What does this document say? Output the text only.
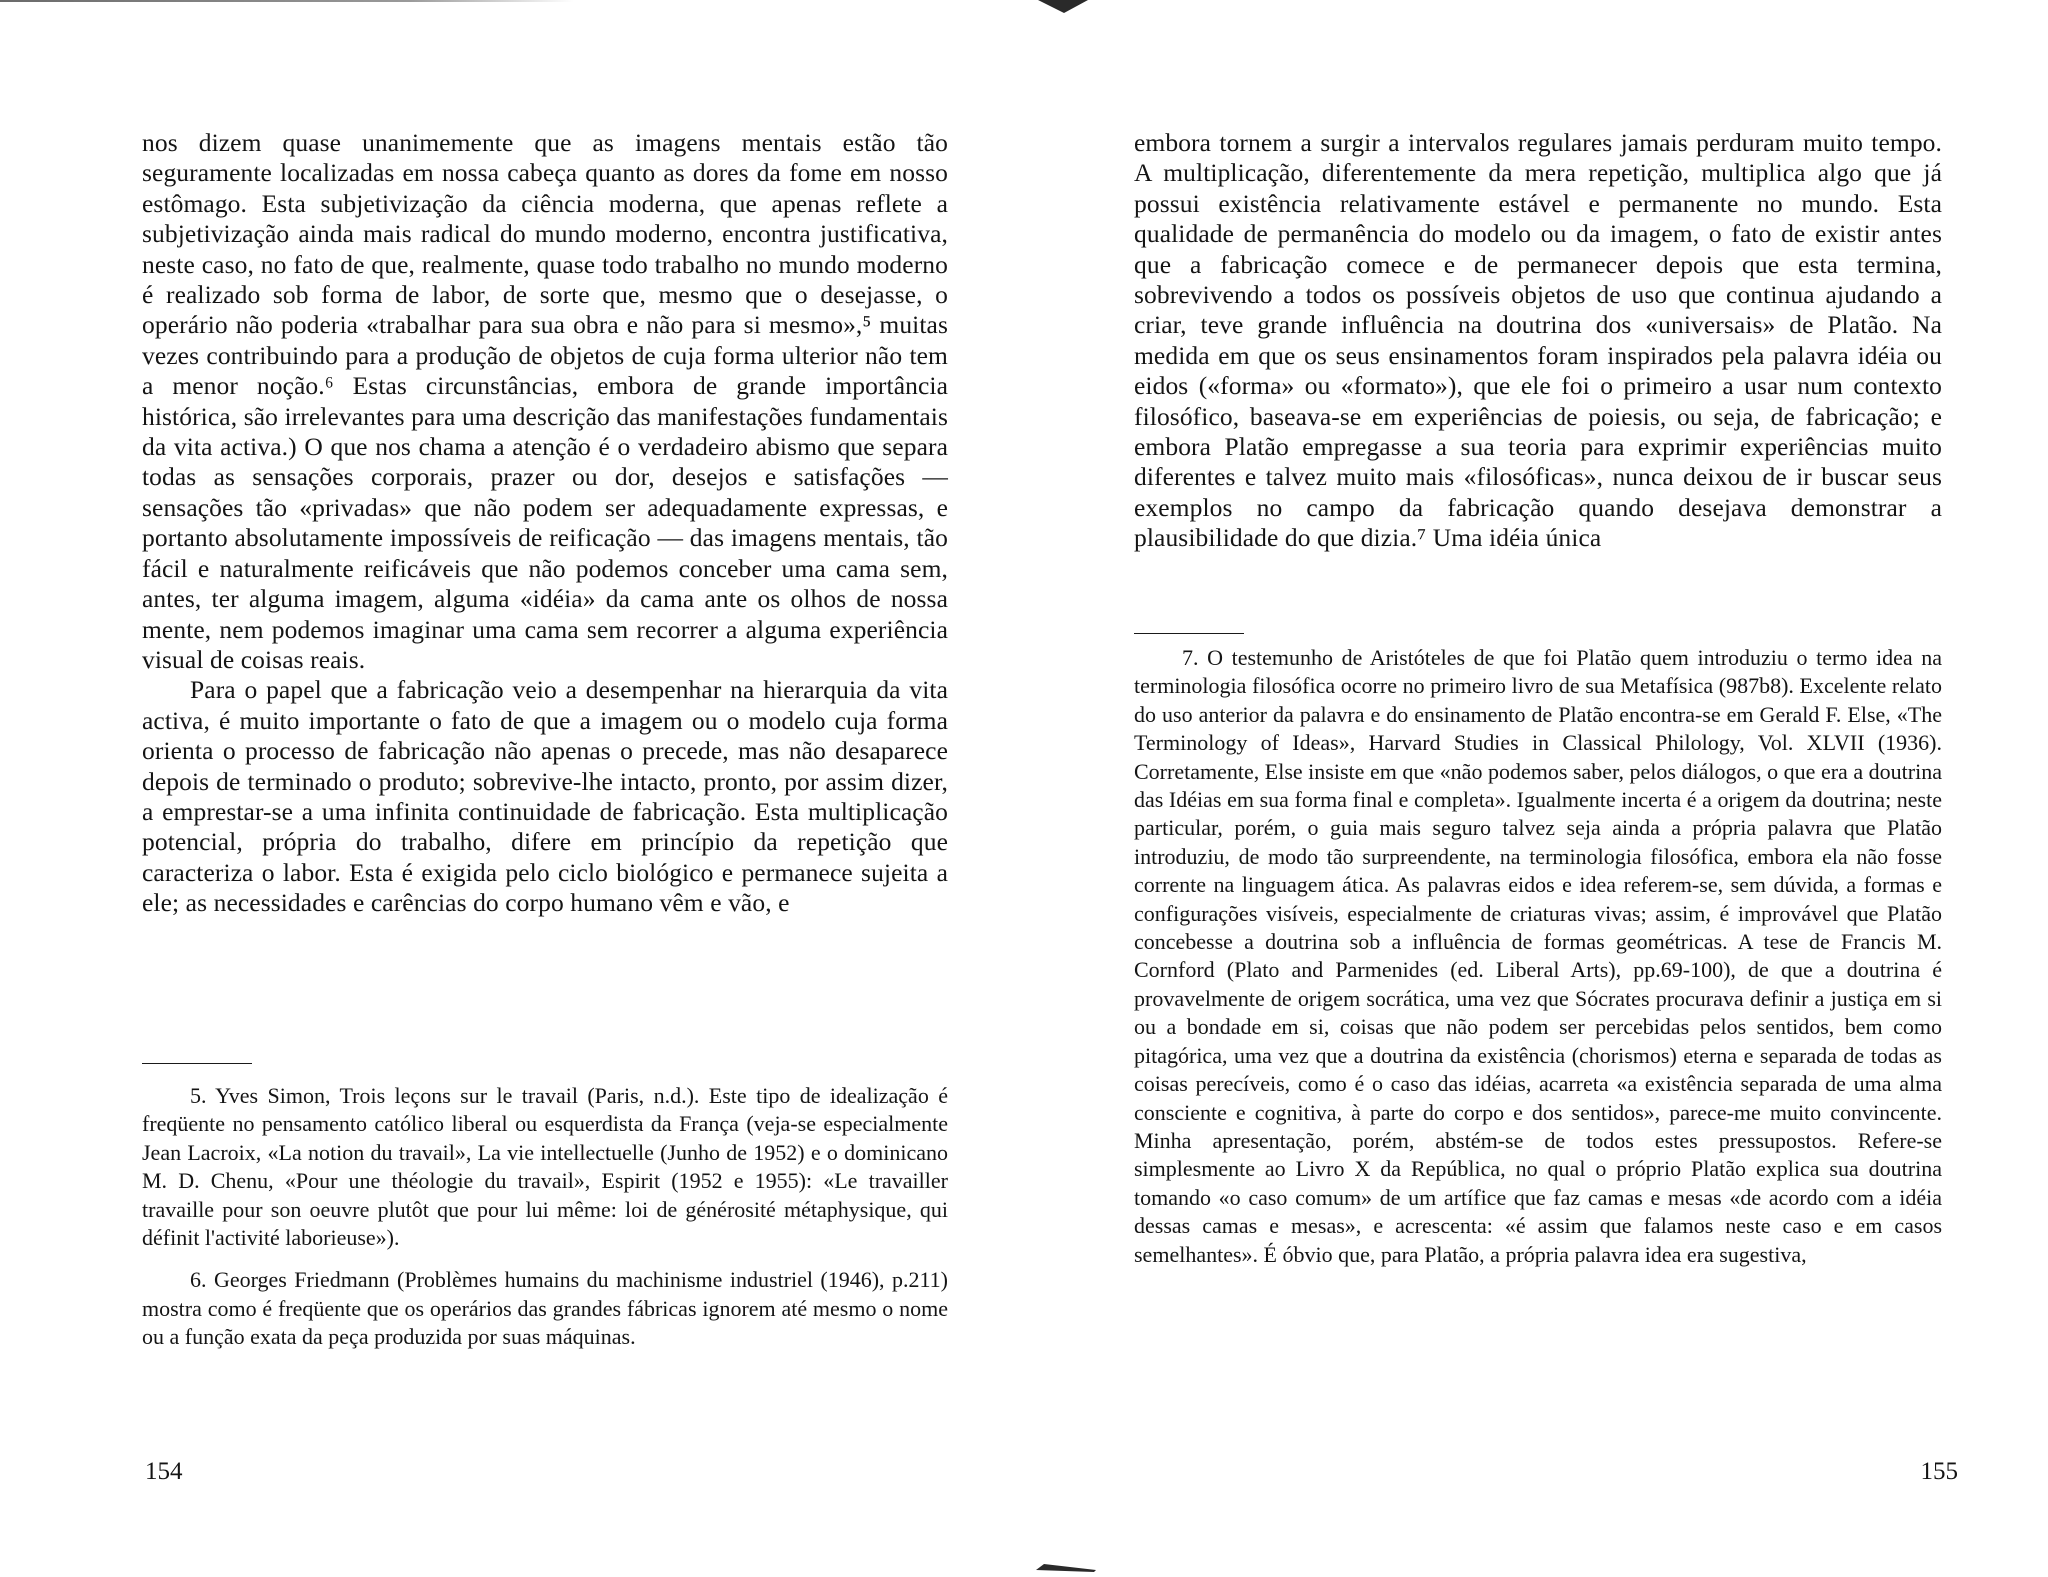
nos dizem quase unanimemente que as imagens mentais estão tão seguramente localizadas em nossa cabeça quanto as dores da fome em nosso estômago. Esta subjetivização da ciência moderna, que apenas reflete a subjetivização ainda mais radical do mundo moderno, encontra justificativa, neste caso, no fato de que, realmente, quase todo trabalho no mundo moderno é realizado sob forma de labor, de sorte que, mesmo que o desejasse, o operário não poderia «trabalhar para sua obra e não para si mesmo»,⁵ muitas vezes contribuindo para a produção de objetos de cuja forma ulterior não tem a menor noção.⁶ Estas circunstâncias, embora de grande importância histórica, são irrelevantes para uma descrição das manifestações fundamentais da vita activa.) O que nos chama a atenção é o verdadeiro abismo que separa todas as sensações corporais, prazer ou dor, desejos e satisfações — sensações tão «privadas» que não podem ser adequadamente expressas, e portanto absolutamente impossíveis de reificação — das imagens mentais, tão fácil e naturalmente reificáveis que não podemos conceber uma cama sem, antes, ter alguma imagem, alguma «idéia» da cama ante os olhos de nossa mente, nem podemos imaginar uma cama sem recorrer a alguma experiência visual de coisas reais.

Para o papel que a fabricação veio a desempenhar na hierarquia da vita activa, é muito importante o fato de que a imagem ou o modelo cuja forma orienta o processo de fabricação não apenas o precede, mas não desaparece depois de terminado o produto; sobrevive-lhe intacto, pronto, por assim dizer, a emprestar-se a uma infinita continuidade de fabricação. Esta multiplicação potencial, própria do trabalho, difere em princípio da repetição que caracteriza o labor. Esta é exigida pelo ciclo biológico e permanece sujeita a ele; as necessidades e carências do corpo humano vêm e vão, e

5. Yves Simon, Trois leçons sur le travail (Paris, n.d.). Este tipo de idealização é freqüente no pensamento católico liberal ou esquerdista da França (veja-se especialmente Jean Lacroix, «La notion du travail», La vie intellectuelle (Junho de 1952) e o dominicano M. D. Chenu, «Pour une théologie du travail», Espirit (1952 e 1955): «Le travailler travaille pour son oeuvre plutôt que pour lui même: loi de générosité métaphysique, qui définit l'activité laborieuse»).

6. Georges Friedmann (Problèmes humains du machinisme industriel (1946), p.211) mostra como é freqüente que os operários das grandes fábricas ignorem até mesmo o nome ou a função exata da peça produzida por suas máquinas.

154

embora tornem a surgir a intervalos regulares jamais perduram muito tempo. A multiplicação, diferentemente da mera repetição, multiplica algo que já possui existência relativamente estável e permanente no mundo. Esta qualidade de permanência do modelo ou da imagem, o fato de existir antes que a fabricação comece e de permanecer depois que esta termina, sobrevivendo a todos os possíveis objetos de uso que continua ajudando a criar, teve grande influência na doutrina dos «universais» de Platão. Na medida em que os seus ensinamentos foram inspirados pela palavra idéia ou eidos («forma» ou «formato»), que ele foi o primeiro a usar num contexto filosófico, baseava-se em experiências de poiesis, ou seja, de fabricação; e embora Platão empregasse a sua teoria para exprimir experiências muito diferentes e talvez muito mais «filosóficas», nunca deixou de ir buscar seus exemplos no campo da fabricação quando desejava demonstrar a plausibilidade do que dizia.⁷ Uma idéia única

7. O testemunho de Aristóteles de que foi Platão quem introduziu o termo idea na terminologia filosófica ocorre no primeiro livro de sua Metafísica (987b8). Excelente relato do uso anterior da palavra e do ensinamento de Platão encontra-se em Gerald F. Else, «The Terminology of Ideas», Harvard Studies in Classical Philology, Vol. XLVII (1936). Corretamente, Else insiste em que «não podemos saber, pelos diálogos, o que era a doutrina das Idéias em sua forma final e completa». Igualmente incerta é a origem da doutrina; neste particular, porém, o guia mais seguro talvez seja ainda a própria palavra que Platão introduziu, de modo tão surpreendente, na terminologia filosófica, embora ela não fosse corrente na linguagem ática. As palavras eidos e idea referem-se, sem dúvida, a formas e configurações visíveis, especialmente de criaturas vivas; assim, é improvável que Platão concebesse a doutrina sob a influência de formas geométricas. A tese de Francis M. Cornford (Plato and Parmenides (ed. Liberal Arts), pp.69-100), de que a doutrina é provavelmente de origem socrática, uma vez que Sócrates procurava definir a justiça em si ou a bondade em si, coisas que não podem ser percebidas pelos sentidos, bem como pitagórica, uma vez que a doutrina da existência (chorismos) eterna e separada de todas as coisas perecíveis, como é o caso das idéias, acarreta «a existência separada de uma alma consciente e cognitiva, à parte do corpo e dos sentidos», parece-me muito convincente. Minha apresentação, porém, abstém-se de todos estes pressupostos. Refere-se simplesmente ao Livro X da República, no qual o próprio Platão explica sua doutrina tomando «o caso comum» de um artífice que faz camas e mesas «de acordo com a idéia dessas camas e mesas», e acrescenta: «é assim que falamos neste caso e em casos semelhantes». É óbvio que, para Platão, a própria palavra idea era sugestiva,

155
